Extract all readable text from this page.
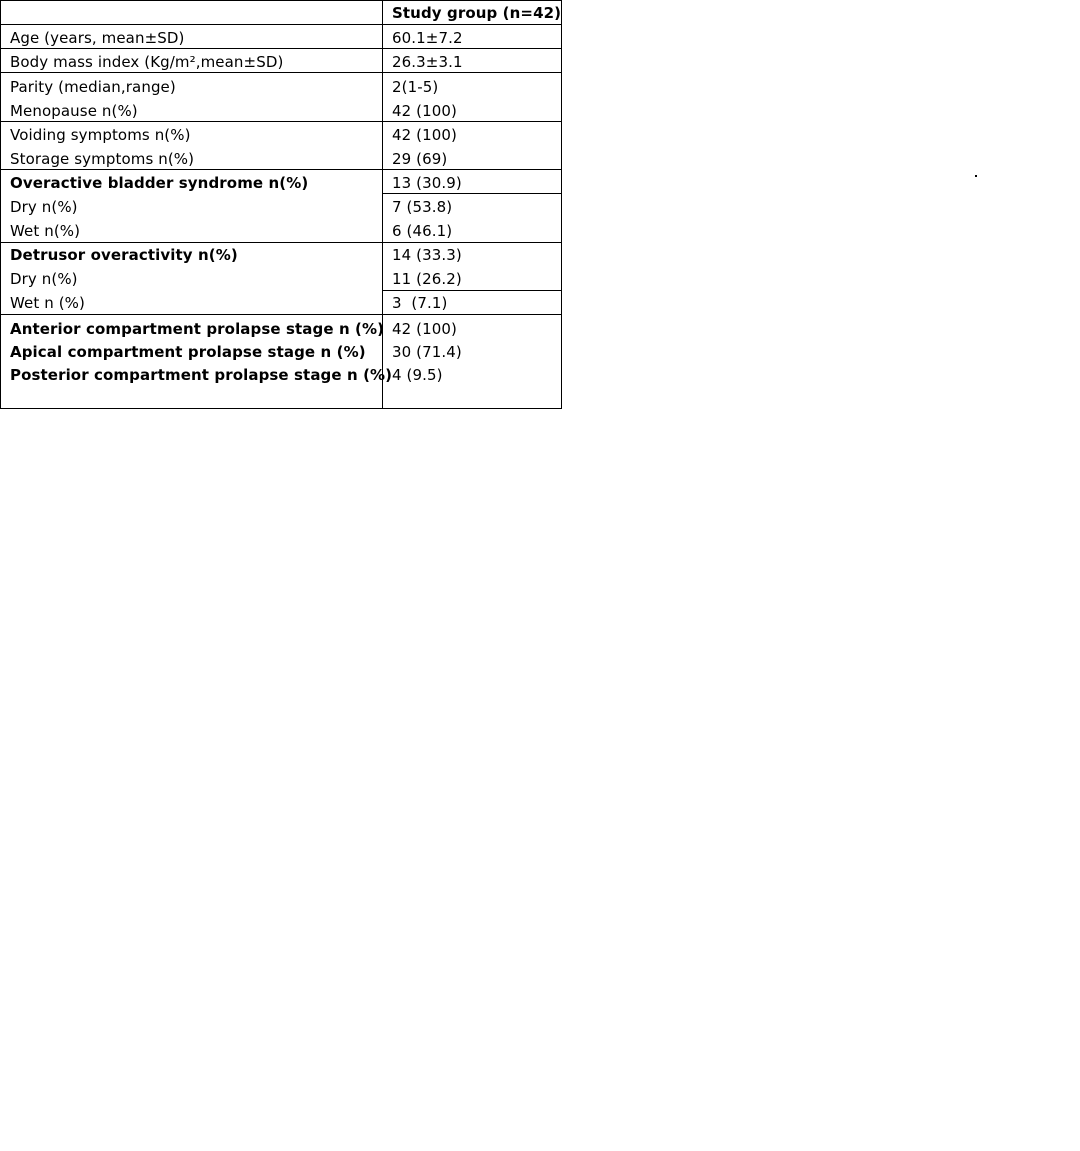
Study group (n=42)
Age (years, mean±SD)
Body mass index (Kg/m²,mean±SD)
Parity (median,range)
Menopause n(%)
Voiding symptoms n(%)
Storage symptoms n(%)
Overactive bladder syndrome n(%)
Dry n(%)
Wet n(%)
Detrusor overactivity n(%)
Dry n(%)
Wet n (%)
Anterior compartment prolapse stage n (%)
Apical compartment prolapse stage n (%)
Posterior compartment prolapse stage n (%)
60.1±7.2
26.3±3.1
2(1-5)
42 (100)
42 (100)
29 (69)
13 (30.9)
7 (53.8)
6 (46.1)
14 (33.3)
11 (26.2)
3  (7.1)
42 (100)
30 (71.4)
4 (9.5)
